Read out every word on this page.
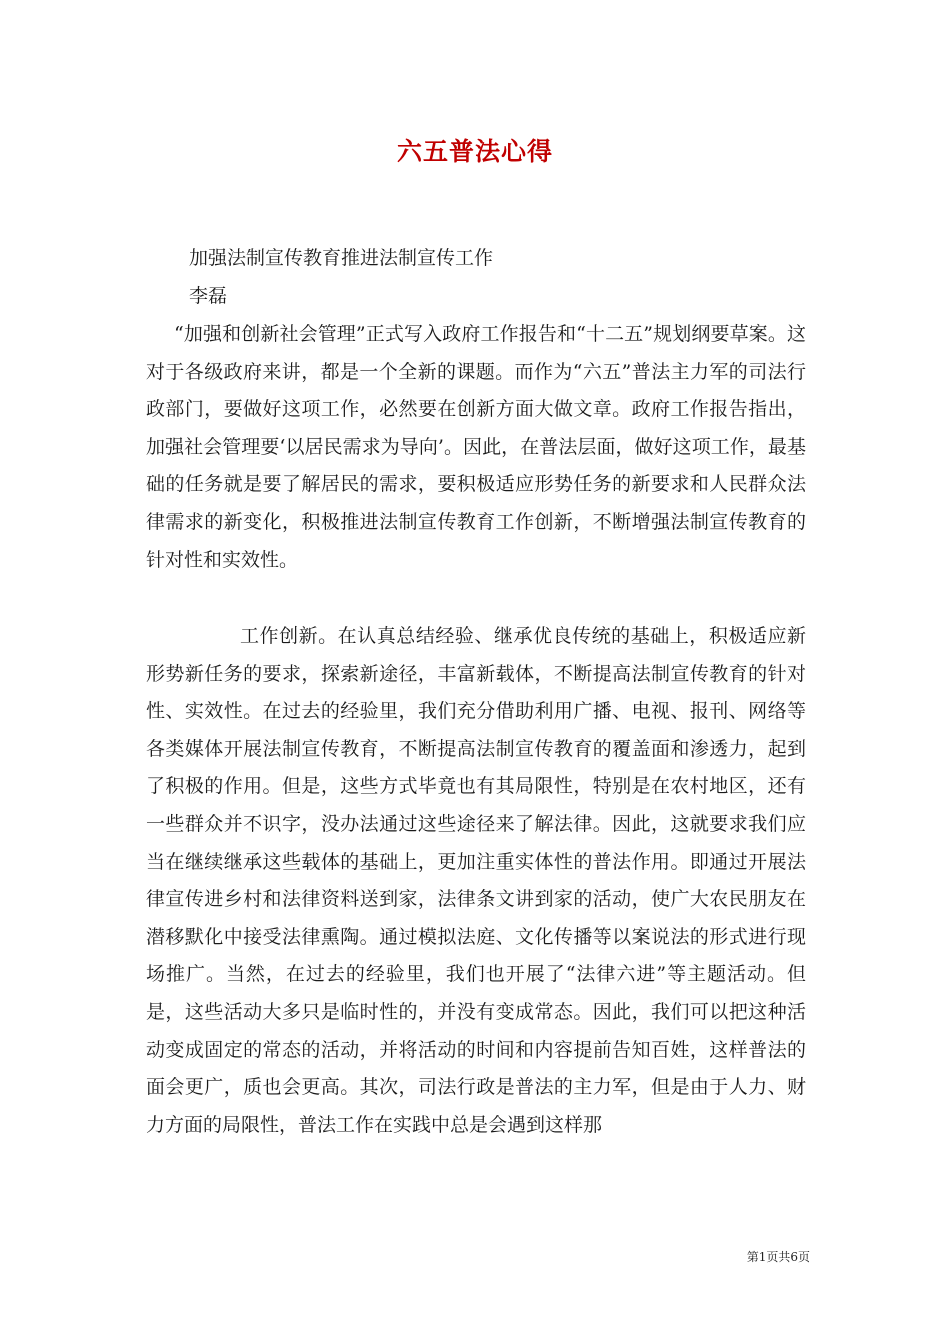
六五普法心得

加强法制宣传教育推进法制宣传工作

李磊

“加强和创新社会管理”正式写入政府工作报告和“十二五”规划纲要草案。这对于各级政府来讲，都是一个全新的课题。而作为“六五”普法主力军的司法行政部门，要做好这项工作，必然要在创新方面大做文章。政府工作报告指出，加强社会管理要‘以居民需求为导向’。因此，在普法层面，做好这项工作，最基础的任务就是要了解居民的需求，要积极适应形势任务的新要求和人民群众法律需求的新变化，积极推进法制宣传教育工作创新，不断增强法制宣传教育的针对性和实效性。

工作创新。在认真总结经验、继承优良传统的基础上，积极适应新形势新任务的要求，探索新途径，丰富新载体，不断提高法制宣传教育的针对性、实效性。在过去的经验里，我们充分借助利用广播、电视、报刊、网络等各类媒体开展法制宣传教育，不断提高法制宣传教育的覆盖面和渗透力，起到了积极的作用。但是，这些方式毕竟也有其局限性，特别是在农村地区，还有一些群众并不识字，没办法通过这些途径来了解法律。因此，这就要求我们应当在继续继承这些载体的基础上，更加注重实体性的普法作用。即通过开展法律宣传进乡村和法律资料送到家，法律条文讲到家的活动，使广大农民朋友在潜移默化中接受法律熏陶。通过模拟法庭、文化传播等以案说法的形式进行现场推广。当然，在过去的经验里，我们也开展了“法律六进”等主题活动。但是，这些活动大多只是临时性的，并没有变成常态。因此，我们可以把这种活动变成固定的常态的活动，并将活动的时间和内容提前告知百姓，这样普法的面会更广，质也会更高。其次，司法行政是普法的主力军，但是由于人力、财力方面的局限性，普法工作在实践中总是会遇到这样那

第1页共6页
